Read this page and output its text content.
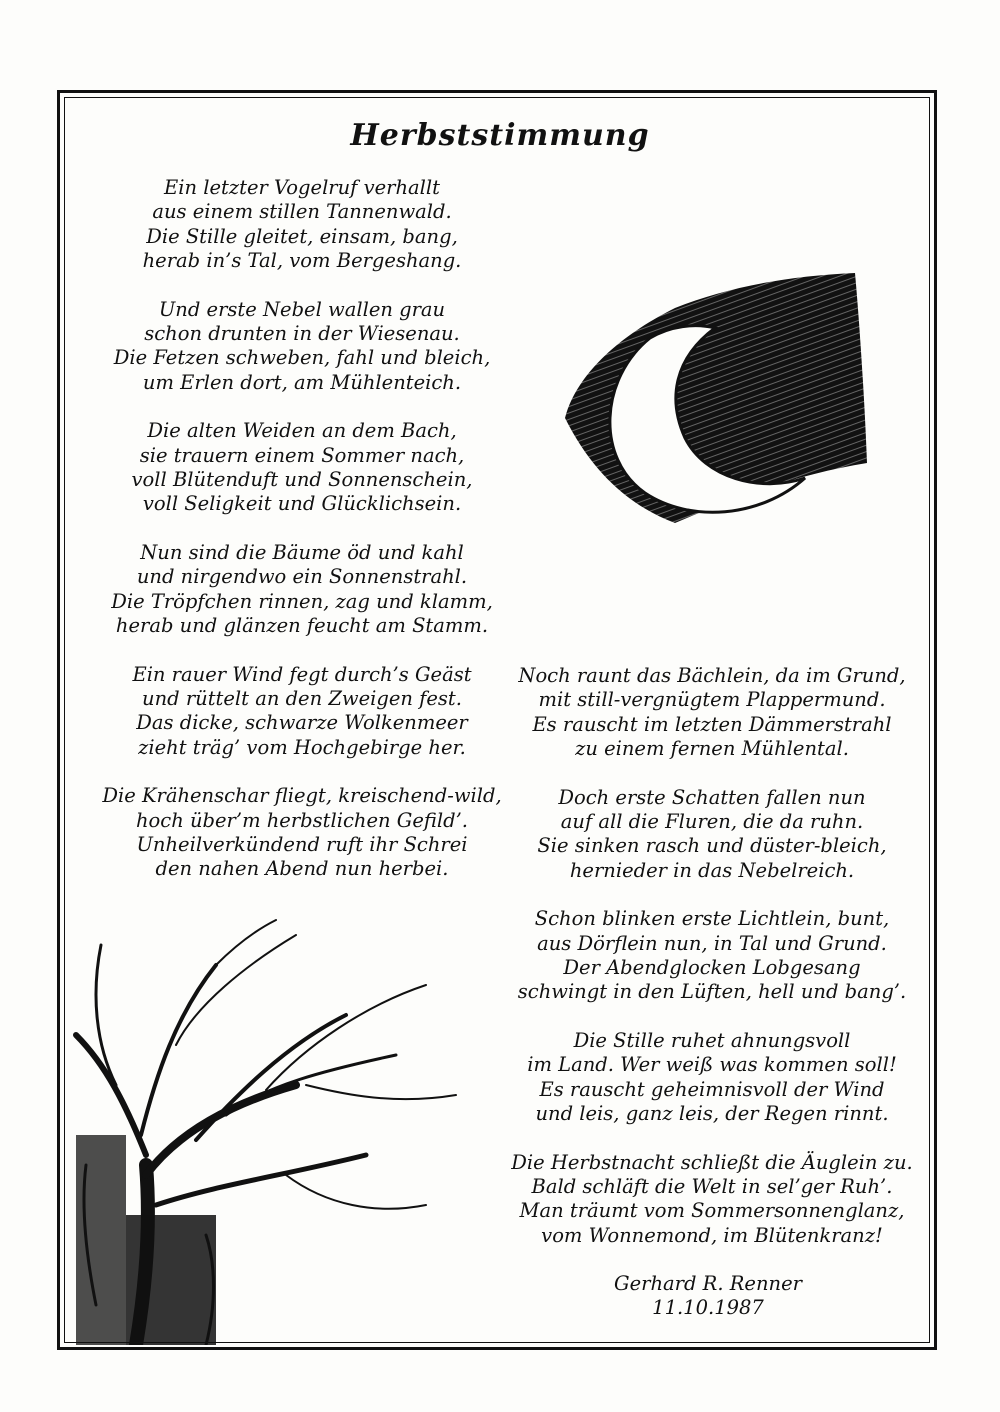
Herbststimmung
Ein letzter Vogelruf verhallt
aus einem stillen Tannenwald.
Die Stille gleitet, einsam, bang,
herab in’s Tal, vom Bergeshang.
Und erste Nebel wallen grau
schon drunten in der Wiesenau.
Die Fetzen schweben, fahl und bleich,
um Erlen dort, am Mühlenteich.
Die alten Weiden an dem Bach,
sie trauern einem Sommer nach,
voll Blütenduft und Sonnenschein,
voll Seligkeit und Glücklichsein.
Nun sind die Bäume öd und kahl
und nirgendwo ein Sonnenstrahl.
Die Tröpfchen rinnen, zag und klamm,
herab und glänzen feucht am Stamm.
Ein rauer Wind fegt durch’s Geäst
und rüttelt an den Zweigen fest.
Das dicke, schwarze Wolkenmeer
zieht träg’ vom Hochgebirge her.
Die Krähenschar fliegt, kreischend-wild,
hoch über’m herbstlichen Gefild’.
Unheilverkündend ruft ihr Schrei
den nahen Abend nun herbei.
Noch raunt das Bächlein, da im Grund,
mit still-vergnügtem Plappermund.
Es rauscht im letzten Dämmerstrahl
zu einem fernen Mühlental.
Doch erste Schatten fallen nun
auf all die Fluren, die da ruhn.
Sie sinken rasch und düster-bleich,
hernieder in das Nebelreich.
Schon blinken erste Lichtlein, bunt,
aus Dörflein nun, in Tal und Grund.
Der Abendglocken Lobgesang
schwingt in den Lüften, hell und bang’.
Die Stille ruhet ahnungsvoll
im Land. Wer weiß was kommen soll!
Es rauscht geheimnisvoll der Wind
und leis, ganz leis, der Regen rinnt.
Die Herbstnacht schließt die Äuglein zu.
Bald schläft die Welt in sel’ger Ruh’.
Man träumt vom Sommersonnenglanz,
vom Wonnemond, im Blütenkranz!
Gerhard R. Renner
11.10.1987
